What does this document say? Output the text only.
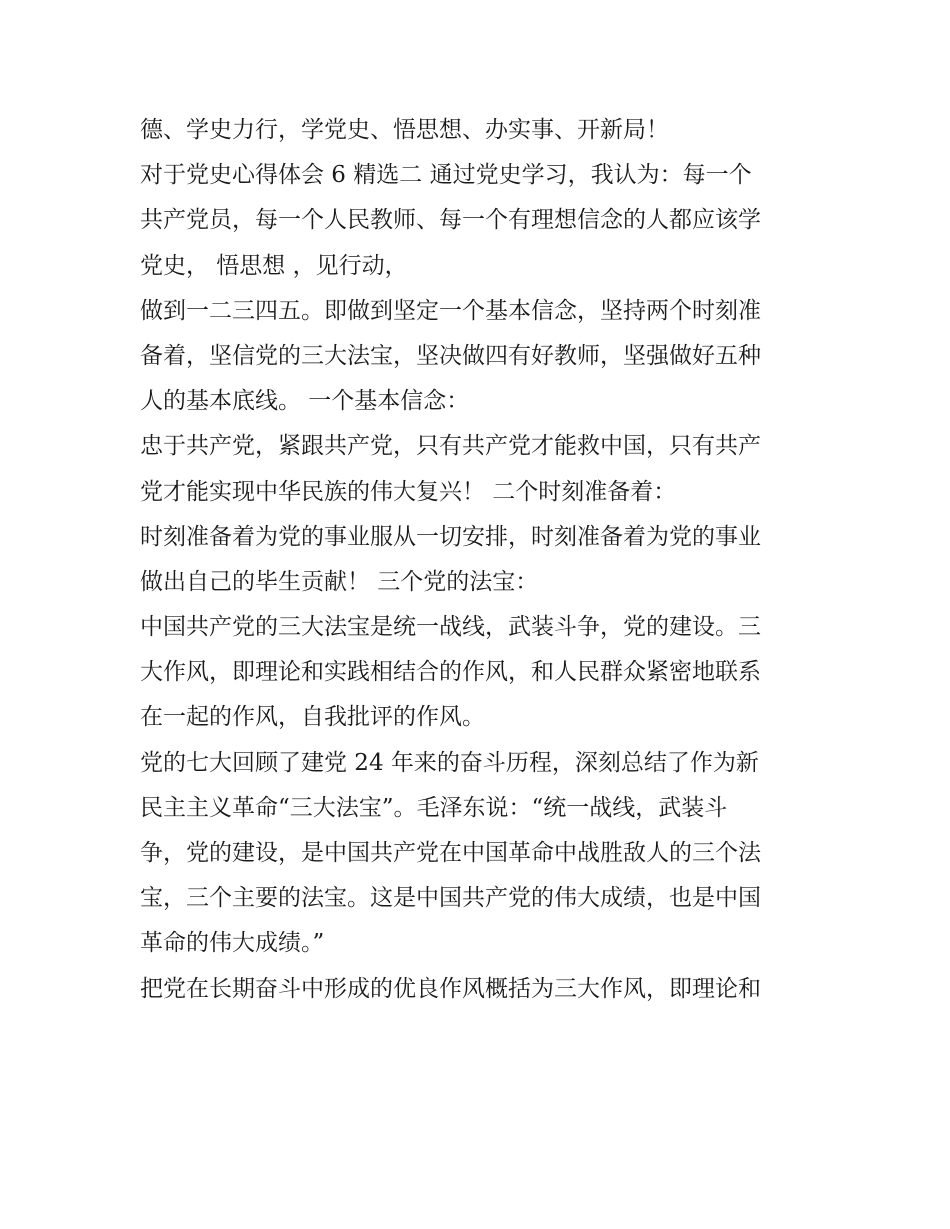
德、学史力行，学党史、悟思想、办实事、开新局！
对于党史心得体会 6 精选二 通过党史学习，我认为：每一个
共产党员，每一个人民教师、每一个有理想信念的人都应该学
党史， 悟思想 ，见行动，
做到一二三四五。即做到坚定一个基本信念，坚持两个时刻准
备着，坚信党的三大法宝，坚决做四有好教师，坚强做好五种
人的基本底线。 一个基本信念：
忠于共产党，紧跟共产党，只有共产党才能救中国，只有共产
党才能实现中华民族的伟大复兴！ 二个时刻准备着：
时刻准备着为党的事业服从一切安排，时刻准备着为党的事业
做出自己的毕生贡献！ 三个党的法宝：
中国共产党的三大法宝是统一战线，武装斗争，党的建设。三
大作风，即理论和实践相结合的作风，和人民群众紧密地联系
在一起的作风，自我批评的作风。
党的七大回顾了建党 24 年来的奋斗历程，深刻总结了作为新
民主主义革命“三大法宝”。毛泽东说：“统一战线，武装斗
争，党的建设，是中国共产党在中国革命中战胜敌人的三个法
宝，三个主要的法宝。这是中国共产党的伟大成绩，也是中国
革命的伟大成绩。”
把党在长期奋斗中形成的优良作风概括为三大作风，即理论和
